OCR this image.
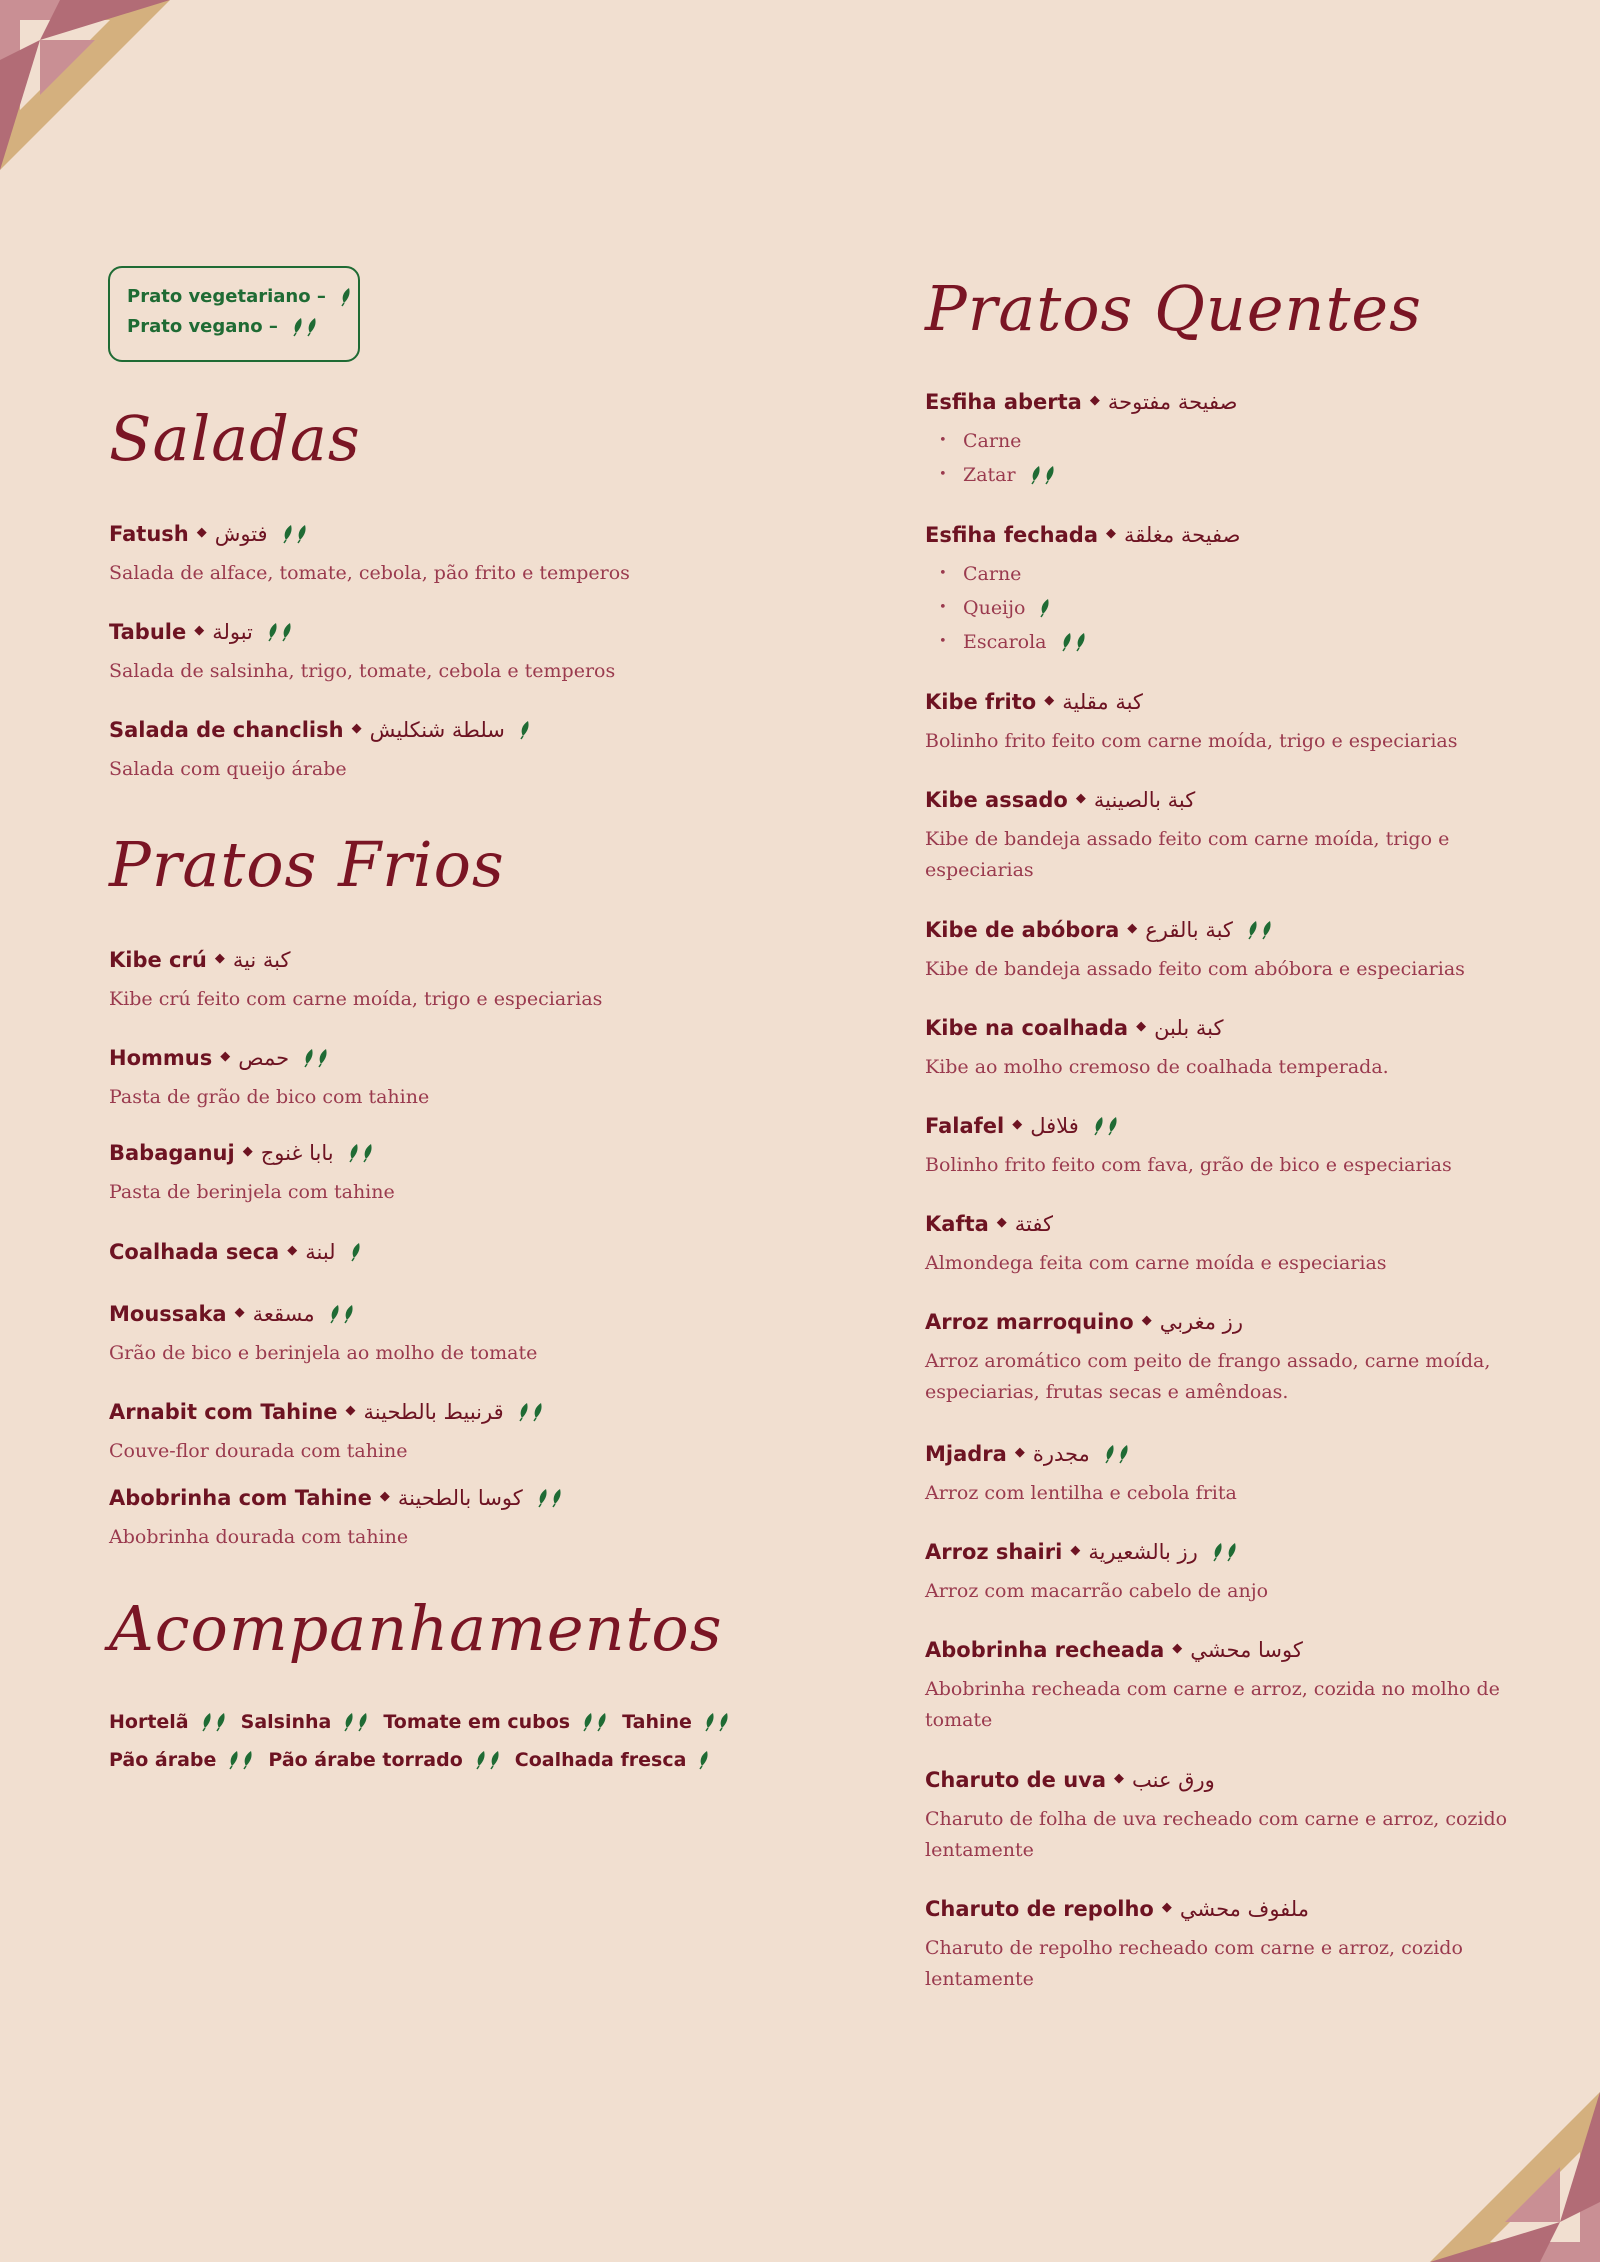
Prato vegetariano –
Prato vegano –
Saladas
Fatush ◆ فتوش
Salada de alface, tomate, cebola, pão frito e temperos
Tabule ◆ تبولة
Salada de salsinha, trigo, tomate, cebola e temperos
Salada de chanclish ◆ سلطة شنكليش
Salada com queijo árabe
Pratos Frios
Kibe crú ◆ كبة نية
Kibe crú feito com carne moída, trigo e especiarias
Hommus ◆ حمص
Pasta de grão de bico com tahine
Babaganuj ◆ بابا غنوج
Pasta de berinjela com tahine
Coalhada seca ◆ لبنة
Moussaka ◆ مسقعة
Grão de bico e berinjela ao molho de tomate
Arnabit com Tahine ◆ قرنبيط بالطحينة
Couve-flor dourada com tahine
Abobrinha com Tahine ◆ كوسا بالطحينة
Abobrinha dourada com tahine
Acompanhamentos
Hortelã	Salsinha	Tomate em cubos	Tahine
Pão árabe	Pão árabe torrado	Coalhada fresca
Pratos Quentes
Esfiha aberta ◆ صفيحة مفتوحة
• Carne
• Zatar
Esfiha fechada ◆ صفيحة مغلقة
• Carne
• Queijo
• Escarola
Kibe frito ◆ كبة مقلية
Bolinho frito feito com carne moída, trigo e especiarias
Kibe assado ◆ كبة بالصينية
Kibe de bandeja assado feito com carne moída, trigo e especiarias
Kibe de abóbora ◆ كبة بالقرع
Kibe de bandeja assado feito com abóbora e especiarias
Kibe na coalhada ◆ كبة بلبن
Kibe ao molho cremoso de coalhada temperada.
Falafel ◆ فلافل
Bolinho frito feito com fava, grão de bico e especiarias
Kafta ◆ كفتة
Almondega feita com carne moída e especiarias
Arroz marroquino ◆ رز مغربي
Arroz aromático com peito de frango assado, carne moída, especiarias, frutas secas e amêndoas.
Mjadra ◆ مجدرة
Arroz com lentilha e cebola frita
Arroz shairi ◆ رز بالشعيرية
Arroz com macarrão cabelo de anjo
Abobrinha recheada ◆ كوسا محشي
Abobrinha recheada com carne e arroz, cozida no molho de tomate
Charuto de uva ◆ ورق عنب
Charuto de folha de uva recheado com carne e arroz, cozido lentamente
Charuto de repolho ◆ ملفوف محشي
Charuto de repolho recheado com carne e arroz, cozido lentamente
